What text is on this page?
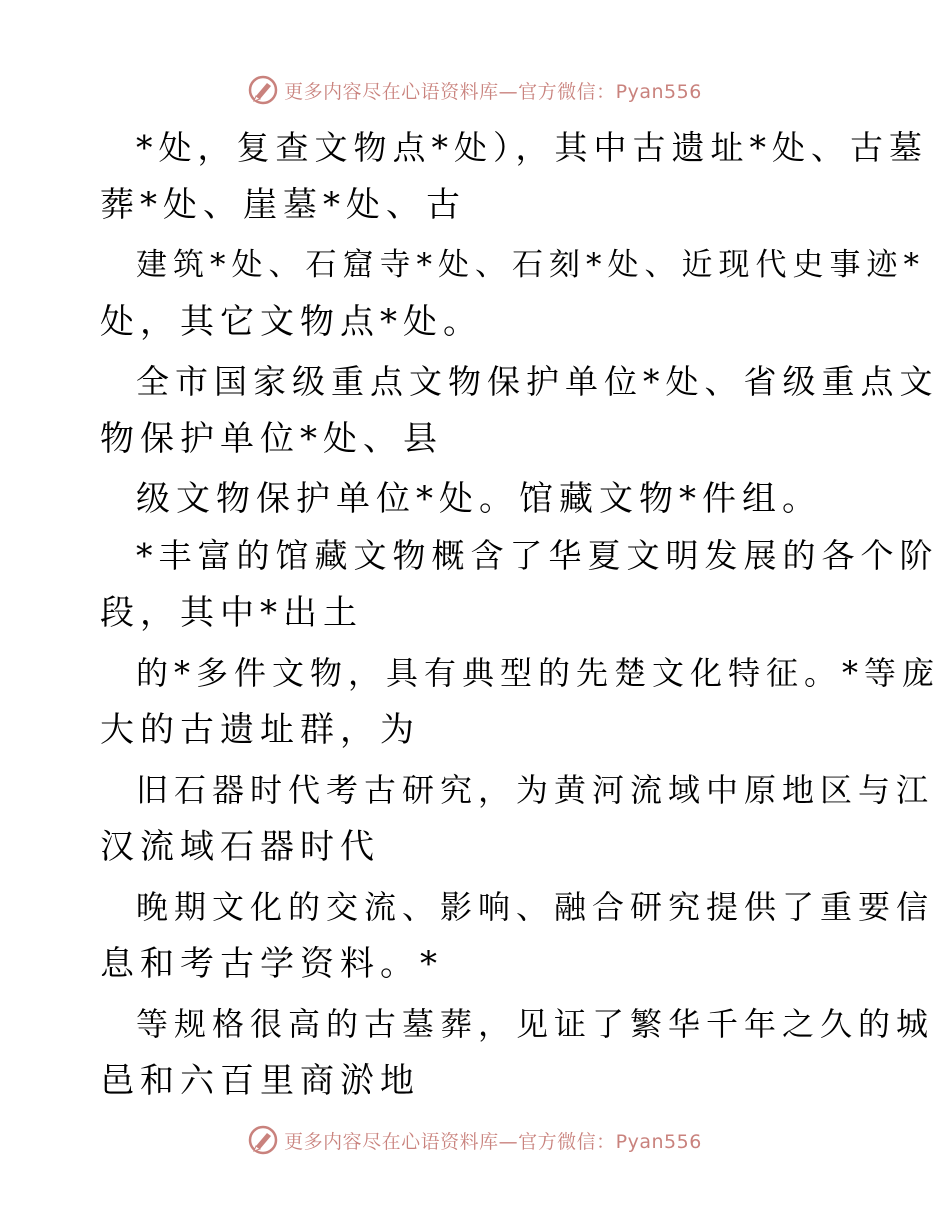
更多内容尽在心语资料库—官方微信：Pyan556
*处，复查文物点*处），其中古遗址*处、古墓
葬*处、崖墓*处、古
建筑*处、石窟寺*处、石刻*处、近现代史事迹*
处，其它文物点*处。
全市国家级重点文物保护单位*处、省级重点文
物保护单位*处、县
级文物保护单位*处。馆藏文物*件组。
*丰富的馆藏文物概含了华夏文明发展的各个阶
段，其中*出土
的*多件文物，具有典型的先楚文化特征。*等庞
大的古遗址群，为
旧石器时代考古研究，为黄河流域中原地区与江
汉流域石器时代
晚期文化的交流、影响、融合研究提供了重要信
息和考古学资料。*
等规格很高的古墓葬，见证了繁华千年之久的城
邑和六百里商淤地
更多内容尽在心语资料库—官方微信：Pyan556
